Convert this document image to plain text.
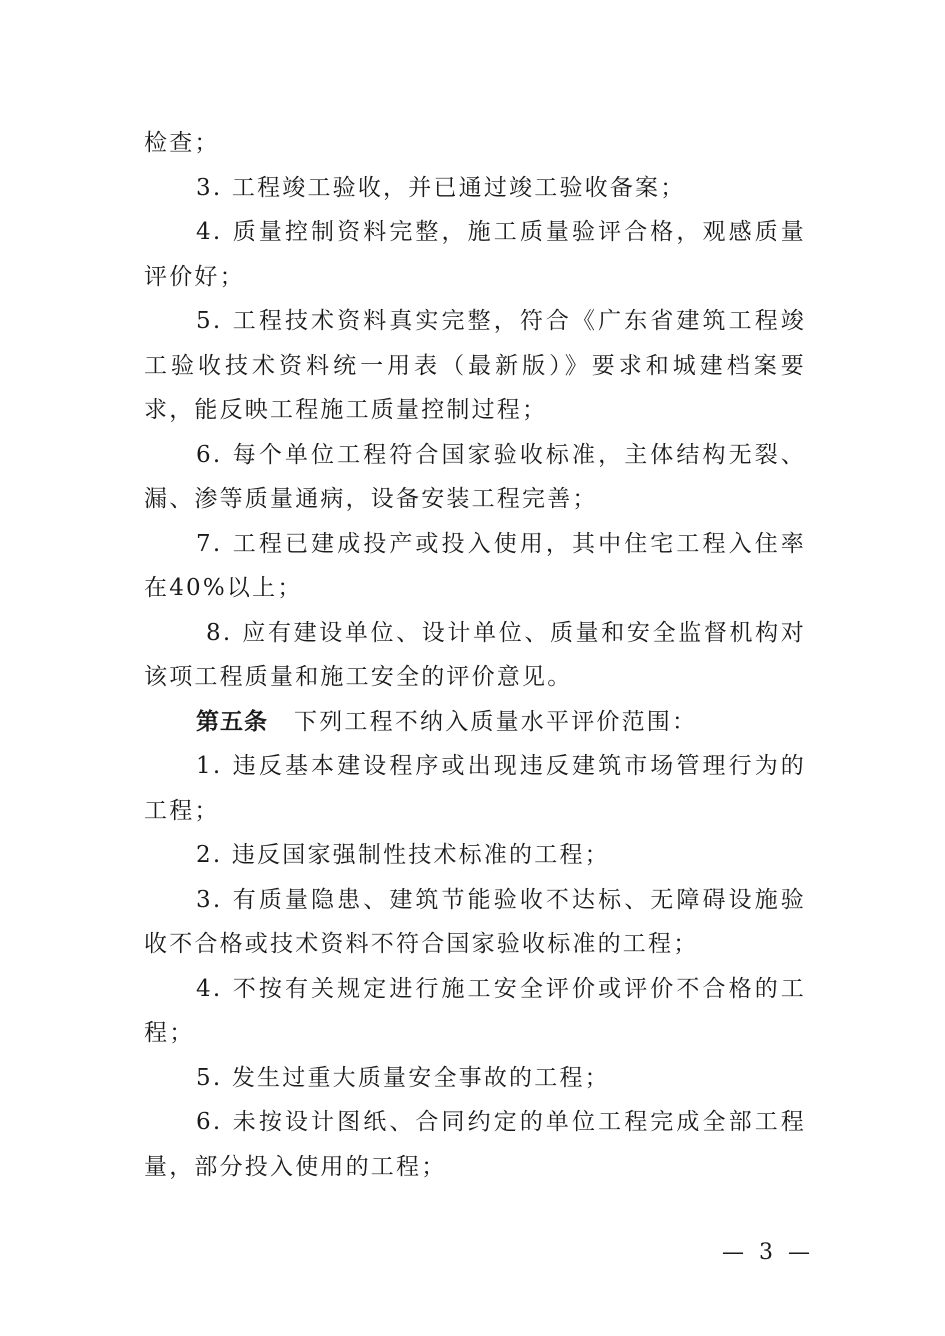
检查；

3. 工程竣工验收，并已通过竣工验收备案；

4. 质量控制资料完整，施工质量验评合格，观感质量评价好；

5. 工程技术资料真实完整，符合《广东省建筑工程竣工验收技术资料统一用表（最新版）》要求和城建档案要求，能反映工程施工质量控制过程；

6. 每个单位工程符合国家验收标准，主体结构无裂、漏、渗等质量通病，设备安装工程完善；

7. 工程已建成投产或投入使用，其中住宅工程入住率在40%以上；

8. 应有建设单位、设计单位、质量和安全监督机构对该项工程质量和施工安全的评价意见。

第五条 下列工程不纳入质量水平评价范围：

1. 违反基本建设程序或出现违反建筑市场管理行为的工程；

2. 违反国家强制性技术标准的工程；

3. 有质量隐患、建筑节能验收不达标、无障碍设施验收不合格或技术资料不符合国家验收标准的工程；

4. 不按有关规定进行施工安全评价或评价不合格的工程；

5. 发生过重大质量安全事故的工程；

6. 未按设计图纸、合同约定的单位工程完成全部工程量，部分投入使用的工程；

— 3 —
